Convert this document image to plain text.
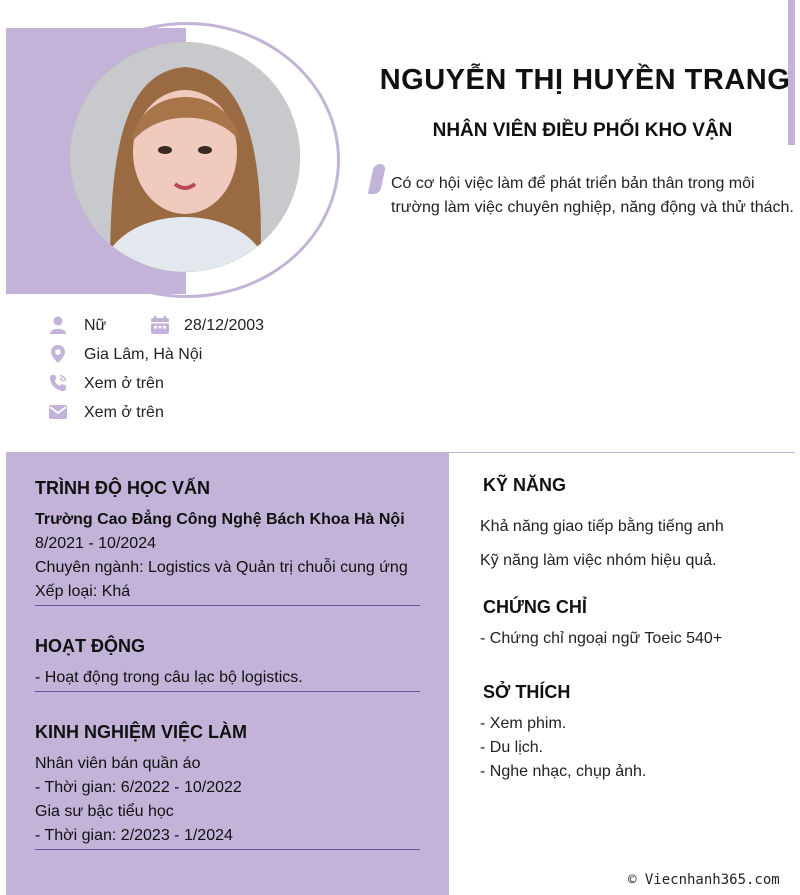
NGUYỄN THỊ HUYỀN TRANG
NHÂN VIÊN ĐIỀU PHỐI KHO VẬN
Có cơ hội việc làm để phát triển bản thân trong môi
trường làm việc chuyên nghiệp, năng động và thử thách.
Nữ	28/12/2003
Gia Lâm, Hà Nội
Xem ở trên
Xem ở trên
TRÌNH ĐỘ HỌC VẤN
Trường Cao Đẳng Công Nghệ Bách Khoa Hà Nội
8/2021 - 10/2024
Chuyên ngành: Logistics và Quản trị chuỗi cung ứng
Xếp loại: Khá
HOẠT ĐỘNG
- Hoạt động trong câu lạc bộ logistics.
KINH NGHIỆM VIỆC LÀM
Nhân viên bán quần áo
- Thời gian: 6/2022 - 10/2022
Gia sư bậc tiểu học
- Thời gian: 2/2023 - 1/2024
KỸ NĂNG
Khả năng giao tiếp bằng tiếng anh
Kỹ năng làm việc nhóm hiệu quả.
CHỨNG CHỈ
- Chứng chỉ ngoại ngữ Toeic 540+
SỞ THÍCH
- Xem phim.
- Du lịch.
- Nghe nhạc, chụp ảnh.
© Viecnhanh365.com
